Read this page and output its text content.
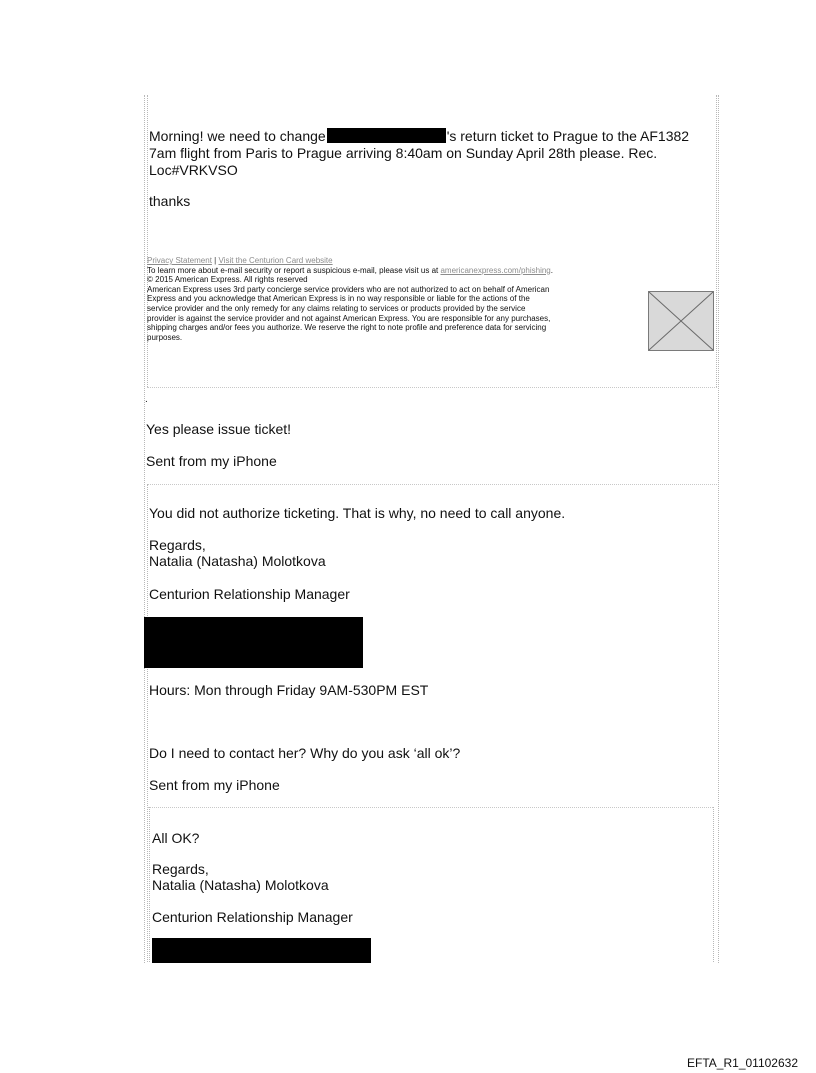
Morning! we need to change	's return ticket to Prague to the AF1382

7am flight from Paris to Prague arriving 8:40am on Sunday April 28th please. Rec.

Loc#VRKVSO

thanks

Privacy Statement | Visit the Centurion Card website
To learn more about e-mail security or report a suspicious e-mail, please visit us at americanexpress.com/phishing.
© 2015 American Express. All rights reserved
American Express uses 3rd party concierge service providers who are not authorized to act on behalf of American
Express and you acknowledge that American Express is in no way responsible or liable for the actions of the
service provider and the only remedy for any claims relating to services or products provided by the service
provider is against the service provider and not against American Express. You are responsible for any purchases,
shipping charges and/or fees you authorize. We reserve the right to note profile and preference data for servicing
purposes.

.

Yes please issue ticket!

Sent from my iPhone

You did not authorize ticketing. That is why, no need to call anyone.

Regards,

Natalia (Natasha) Molotkova

Centurion Relationship Manager

Hours: Mon through Friday 9AM-530PM EST

Do I need to contact her? Why do you ask ‘all ok’?

Sent from my iPhone

All OK?

Regards,

Natalia (Natasha) Molotkova

Centurion Relationship Manager

EFTA_R1_01102632
